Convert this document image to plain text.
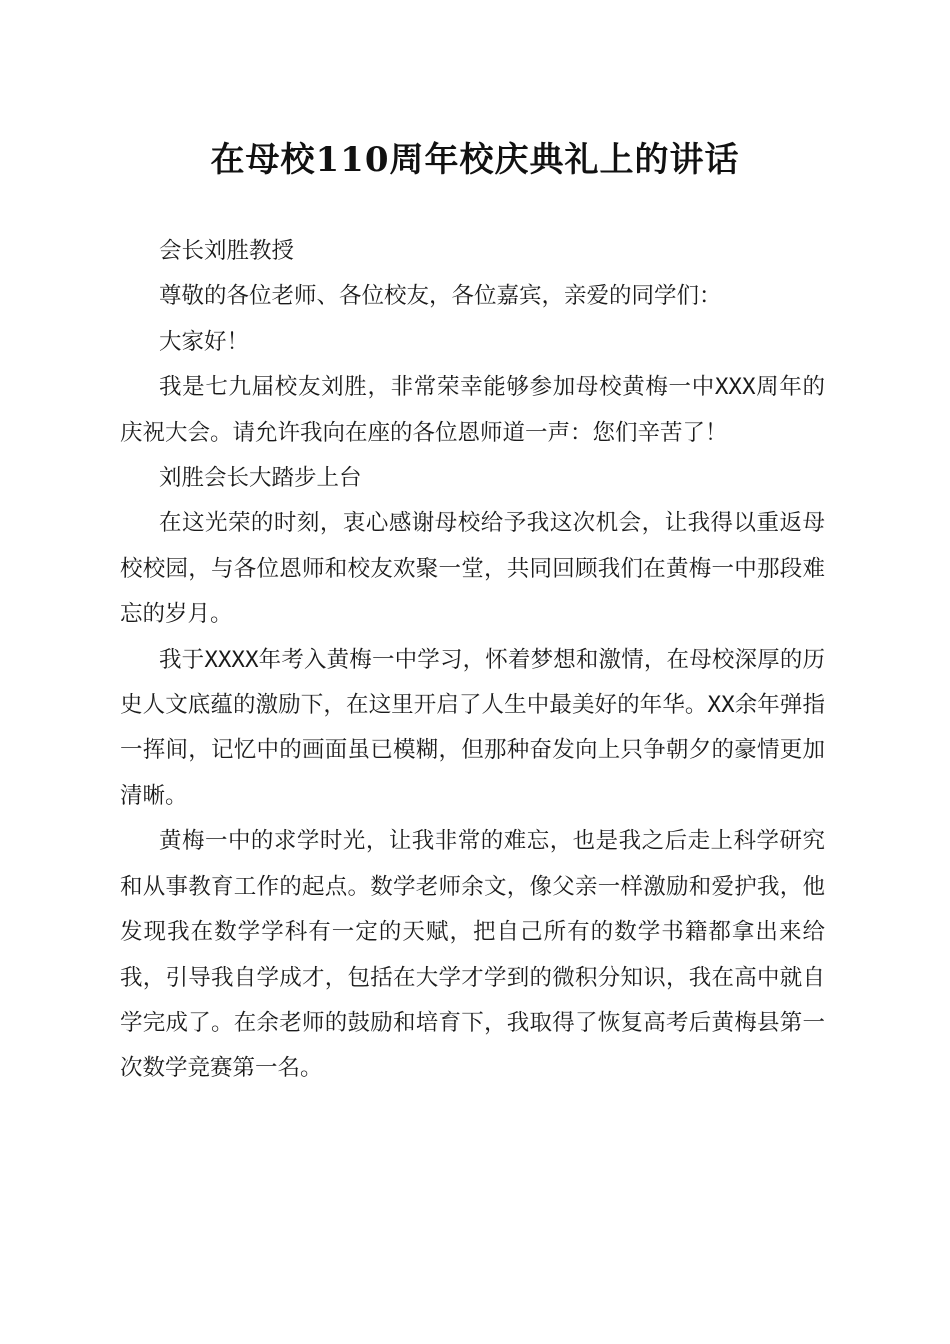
在母校110周年校庆典礼上的讲话

会长刘胜教授

尊敬的各位老师、各位校友，各位嘉宾，亲爱的同学们：

大家好！

我是七九届校友刘胜，非常荣幸能够参加母校黄梅一中XXX周年的庆祝大会。请允许我向在座的各位恩师道一声：您们辛苦了！

刘胜会长大踏步上台

在这光荣的时刻，衷心感谢母校给予我这次机会，让我得以重返母校校园，与各位恩师和校友欢聚一堂，共同回顾我们在黄梅一中那段难忘的岁月。

我于XXXX年考入黄梅一中学习，怀着梦想和激情，在母校深厚的历史人文底蕴的激励下，在这里开启了人生中最美好的年华。XX余年弹指一挥间，记忆中的画面虽已模糊，但那种奋发向上只争朝夕的豪情更加清晰。

黄梅一中的求学时光，让我非常的难忘，也是我之后走上科学研究和从事教育工作的起点。数学老师余文，像父亲一样激励和爱护我，他发现我在数学学科有一定的天赋，把自己所有的数学书籍都拿出来给我，引导我自学成才，包括在大学才学到的微积分知识，我在高中就自学完成了。在余老师的鼓励和培育下，我取得了恢复高考后黄梅县第一次数学竞赛第一名。
